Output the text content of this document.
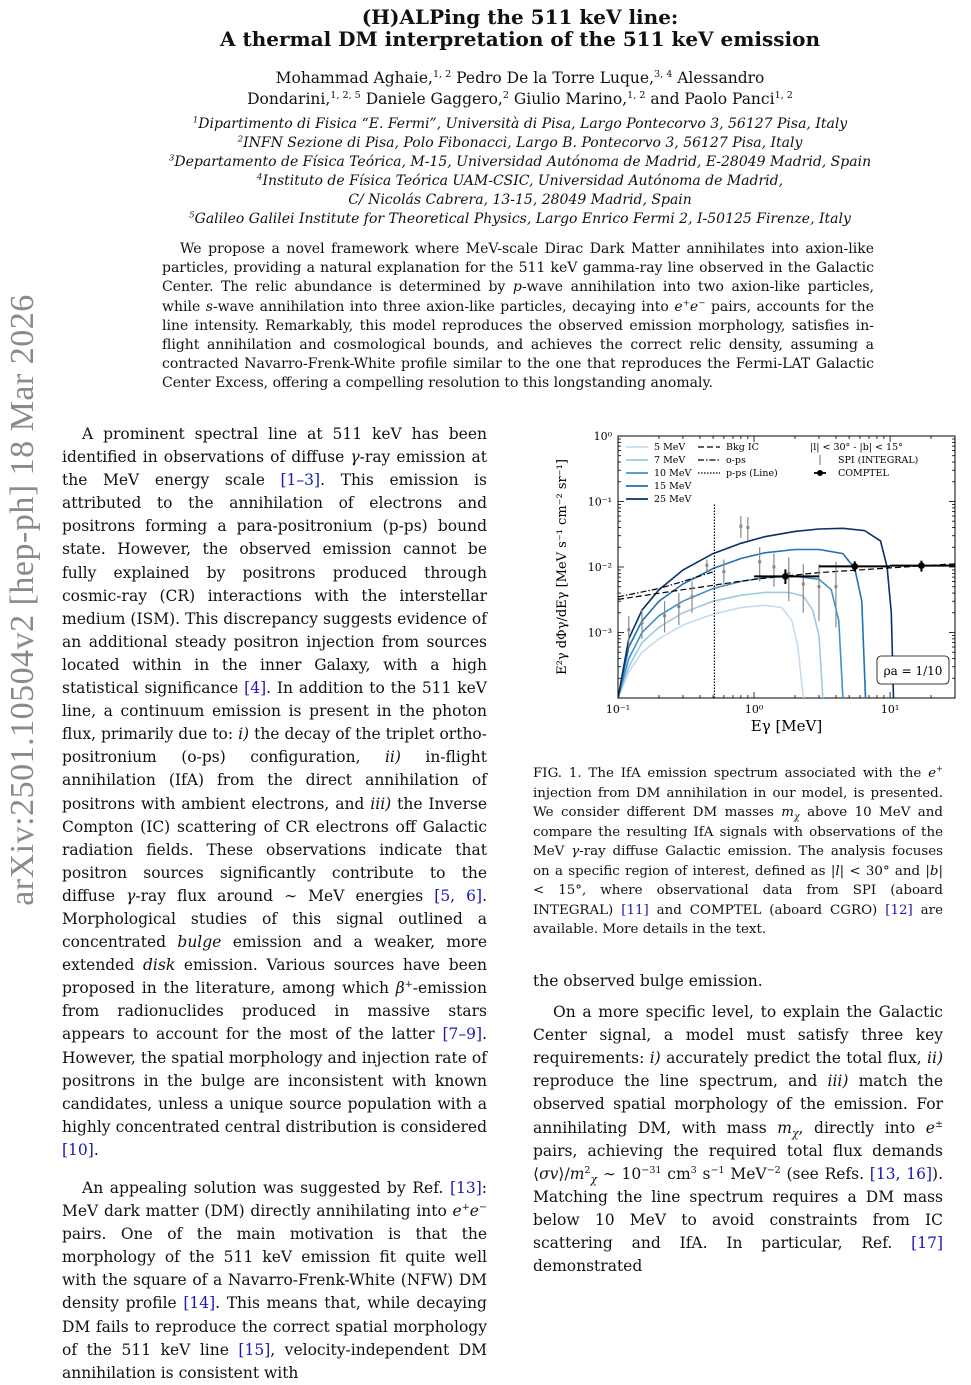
arXiv:2501.10504v2 [hep-ph] 18 Mar 2026
(H)ALPing the 511 keV line:
A thermal DM interpretation of the 511 keV emission
Mohammad Aghaie,$^{1, 2}$ Pedro De la Torre Luque,$^{3, 4}$ Alessandro
Dondarini,$^{1, 2, 5}$ Daniele Gaggero,$^2$ Giulio Marino,$^{1, 2}$ and Paolo Panci$^{1, 2}$
$^1$Dipartimento di Fisica “E. Fermi”, Università di Pisa, Largo Pontecorvo 3, 56127 Pisa, Italy
$^2$INFN Sezione di Pisa, Polo Fibonacci, Largo B. Pontecorvo 3, 56127 Pisa, Italy
$^3$Departamento de Física Teórica, M-15, Universidad Autónoma de Madrid, E-28049 Madrid, Spain
$^4$Instituto de Física Teórica UAM-CSIC, Universidad Autónoma de Madrid,
C/ Nicolás Cabrera, 13-15, 28049 Madrid, Spain
$^5$Galileo Galilei Institute for Theoretical Physics, Largo Enrico Fermi 2, I-50125 Firenze, Italy
We propose a novel framework where MeV-scale Dirac Dark Matter annihilates into axion-like particles, providing a natural explanation for the 511 keV gamma-ray line observed in the Galactic Center. The relic abundance is determined by p-wave annihilation into two axion-like particles, while s-wave annihilation into three axion-like particles, decaying into e+e− pairs, accounts for the line intensity. Remarkably, this model reproduces the observed emission morphology, satisfies in-flight annihilation and cosmological bounds, and achieves the correct relic density, assuming a contracted Navarro-Frenk-White profile similar to the one that reproduces the Fermi-LAT Galactic Center Excess, offering a compelling resolution to this longstanding anomaly.

A prominent spectral line at 511 keV has been identified in observations of diffuse γ-ray emission at the MeV energy scale [1–3]. This emission is attributed to the annihilation of electrons and positrons forming a para-positronium (p-ps) bound state. However, the observed emission cannot be fully explained by positrons produced through cosmic-ray (CR) interactions with the interstellar medium (ISM). This discrepancy suggests evidence of an additional steady positron injection from sources located within in the inner Galaxy, with a high statistical significance [4]. In addition to the 511 keV line, a continuum emission is present in the photon flux, primarily due to: i) the decay of the triplet ortho-positronium (o-ps) configuration, ii) in-flight annihilation (IfA) from the direct annihilation of positrons with ambient electrons, and iii) the Inverse Compton (IC) scattering of CR electrons off Galactic radiation fields. These observations indicate that positron sources significantly contribute to the diffuse γ-ray flux around ∼ MeV energies [5, 6]. Morphological studies of this signal outlined a concentrated bulge emission and a weaker, more extended disk emission. Various sources have been proposed in the literature, among which β+-emission from radionuclides produced in massive stars appears to account for the most of the latter [7–9]. However, the spatial morphology and injection rate of positrons in the bulge are inconsistent with known candidates, unless a unique source population with a highly concentrated central distribution is considered [10].

An appealing solution was suggested by Ref. [13]: MeV dark matter (DM) directly annihilating into e+e− pairs. One of the main motivation is that the morphology of the 511 keV emission fit quite well with the square of a Navarro-Frenk-White (NFW) DM density profile [14]. This means that, while decaying DM fails to reproduce the correct spatial morphology of the 511 keV line [15], velocity-independent DM annihilation is consistent with

10⁻¹	10⁰	10¹
10⁰
10⁻¹
10⁻²
10⁻³
Eγ [MeV]
E²γ dΦγ/dEγ [MeV s⁻¹ cm⁻² sr⁻¹]
5 MeV
7 MeV
10 MeV
15 MeV
25 MeV
Bkg IC
o-ps
p-ps (Line)
|l| < 30° - |b| < 15°
SPI (INTEGRAL)
COMPTEL
ρa = 1/10
FIG. 1. The IfA emission spectrum associated with the e+ injection from DM annihilation in our model, is presented. We consider different DM masses $m_\chi$ above 10 MeV and compare the resulting IfA signals with observations of the MeV γ-ray diffuse Galactic emission. The analysis focuses on a specific region of interest, defined as |l| < 30° and |b| < 15°, where observational data from SPI (aboard INTEGRAL) [11] and COMPTEL (aboard CGRO) [12] are available. More details in the text.

the observed bulge emission.

On a more specific level, to explain the Galactic Center signal, a model must satisfy three key requirements: i) accurately predict the total flux, ii) reproduce the line spectrum, and iii) match the observed spatial morphology of the emission. For annihilating DM, with mass $m_\chi$, directly into e± pairs, achieving the required total flux demands $⟨\sigma v⟩/m^2_\chi$ ∼ $10^{-31}$ $cm^3$ $s^{-1}$ MeV$^{-2}$ (see Refs. [13, 16]). Matching the line spectrum requires a DM mass below 10 MeV to avoid constraints from IC scattering and IfA. In particular, Ref. [17] demonstrated
